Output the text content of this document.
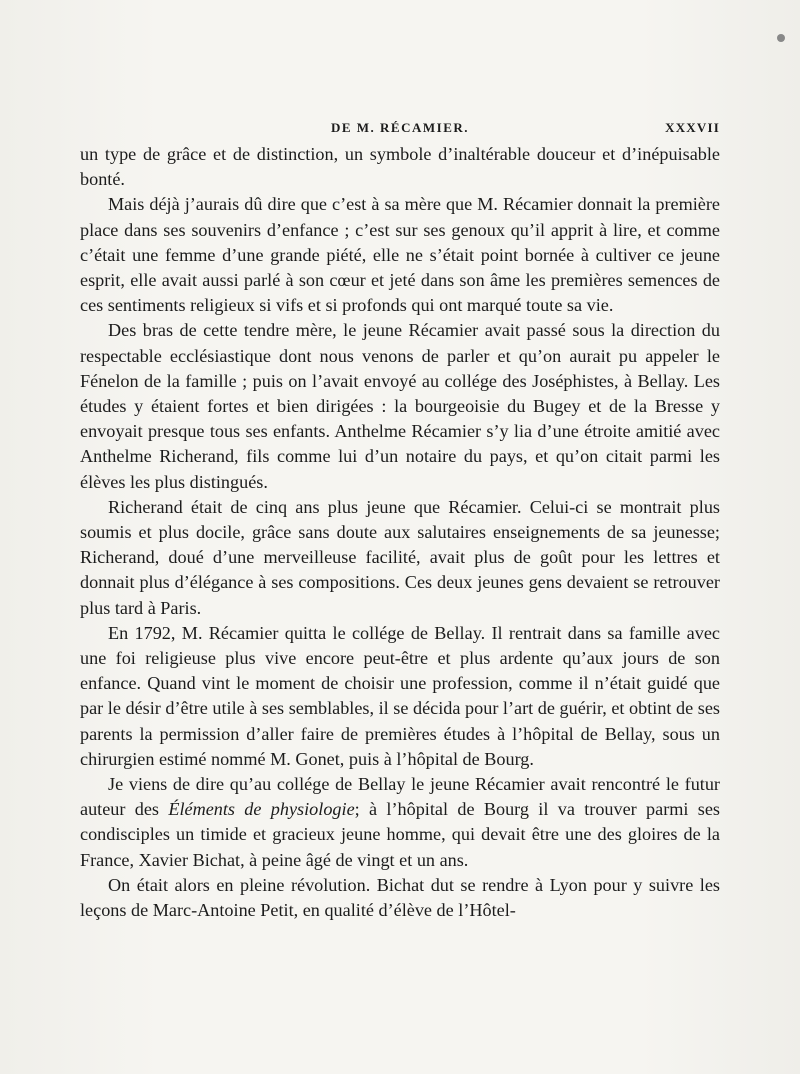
DE M. RÉCAMIER.	XXXVII

un type de grâce et de distinction, un symbole d’inaltérable douceur et d’inépuisable bonté.

Mais déjà j’aurais dû dire que c’est à sa mère que M. Récamier donnait la première place dans ses souvenirs d’enfance ; c’est sur ses genoux qu’il apprit à lire, et comme c’était une femme d’une grande piété, elle ne s’était point bornée à cultiver ce jeune esprit, elle avait aussi parlé à son cœur et jeté dans son âme les premières semences de ces sentiments religieux si vifs et si profonds qui ont marqué toute sa vie.

Des bras de cette tendre mère, le jeune Récamier avait passé sous la direction du respectable ecclésiastique dont nous venons de parler et qu’on aurait pu appeler le Fénelon de la famille ; puis on l’avait envoyé au collége des Joséphistes, à Bellay. Les études y étaient fortes et bien dirigées : la bourgeoisie du Bugey et de la Bresse y envoyait presque tous ses enfants. Anthelme Récamier s’y lia d’une étroite amitié avec Anthelme Richerand, fils comme lui d’un notaire du pays, et qu’on citait parmi les élèves les plus distingués.

Richerand était de cinq ans plus jeune que Récamier. Celui-ci se montrait plus soumis et plus docile, grâce sans doute aux salutaires enseignements de sa jeunesse; Richerand, doué d’une merveilleuse facilité, avait plus de goût pour les lettres et donnait plus d’élégance à ses compositions. Ces deux jeunes gens devaient se retrouver plus tard à Paris.

En 1792, M. Récamier quitta le collége de Bellay. Il rentrait dans sa famille avec une foi religieuse plus vive encore peut-être et plus ardente qu’aux jours de son enfance. Quand vint le moment de choisir une profession, comme il n’était guidé que par le désir d’être utile à ses semblables, il se décida pour l’art de guérir, et obtint de ses parents la permission d’aller faire de premières études à l’hôpital de Bellay, sous un chirurgien estimé nommé M. Gonet, puis à l’hôpital de Bourg.

Je viens de dire qu’au collége de Bellay le jeune Récamier avait rencontré le futur auteur des Éléments de physiologie; à l’hôpital de Bourg il va trouver parmi ses condisciples un timide et gracieux jeune homme, qui devait être une des gloires de la France, Xavier Bichat, à peine âgé de vingt et un ans.

On était alors en pleine révolution. Bichat dut se rendre à Lyon pour y suivre les leçons de Marc-Antoine Petit, en qualité d’élève de l’Hôtel-
